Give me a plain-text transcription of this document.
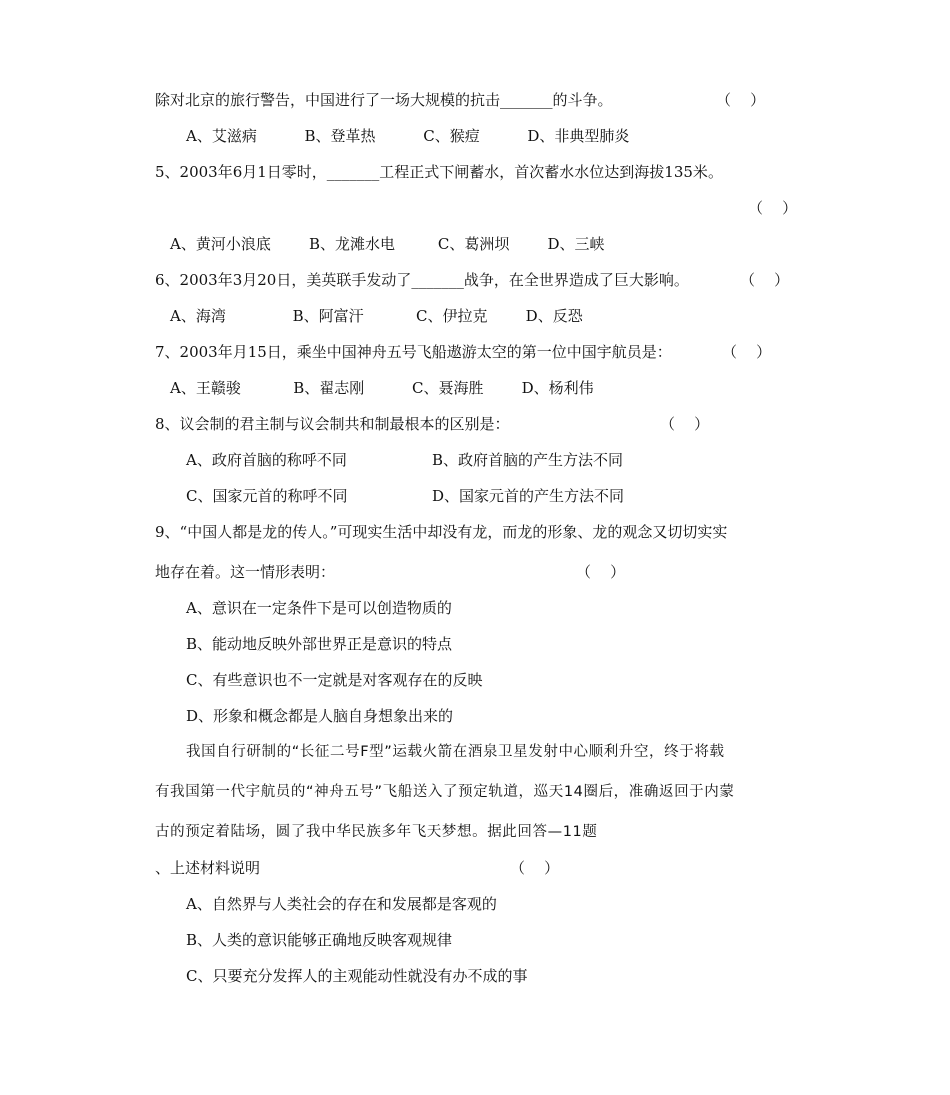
除对北京的旅行警告，中国进行了一场大规模的抗击_______的斗争。	（    ）
A、艾滋病          B、登革热          C、猴痘          D、非典型肺炎
5、2003年6月1日零时，_______工程正式下闸蓄水，首次蓄水水位达到海拔135米。
（    ）
A、黄河小浪底        B、龙滩水电         C、葛洲坝        D、三峡
6、2003年3月20日，美英联手发动了_______战争，在全世界造成了巨大影响。	（    ）
A、海湾              B、阿富汗           C、伊拉克        D、反恐
7、2003年月15日，乘坐中国神舟五号飞船遨游太空的第一位中国宇航员是：	（    ）
A、王赣骏           B、翟志刚          C、聂海胜        D、杨利伟
8、议会制的君主制与议会制共和制最根本的区别是：	（    ）
A、政府首脑的称呼不同	B、政府首脑的产生方法不同
C、国家元首的称呼不同	D、国家元首的产生方法不同
9、“中国人都是龙的传人。”可现实生活中却没有龙，而龙的形象、龙的观念又切切实实
地存在着。这一情形表明：	（    ）
A、意识在一定条件下是可以创造物质的
B、能动地反映外部世界正是意识的特点
C、有些意识也不一定就是对客观存在的反映
D、形象和概念都是人脑自身想象出来的
我国自行研制的“长征二号F型”运载火箭在酒泉卫星发射中心顺利升空，终于将载
有我国第一代宇航员的“神舟五号”飞船送入了预定轨道，巡天14圈后，准确返回于内蒙
古的预定着陆场，圆了我中华民族多年飞天梦想。据此回答—11题
、上述材料说明	（    ）
A、自然界与人类社会的存在和发展都是客观的
B、人类的意识能够正确地反映客观规律
C、只要充分发挥人的主观能动性就没有办不成的事
